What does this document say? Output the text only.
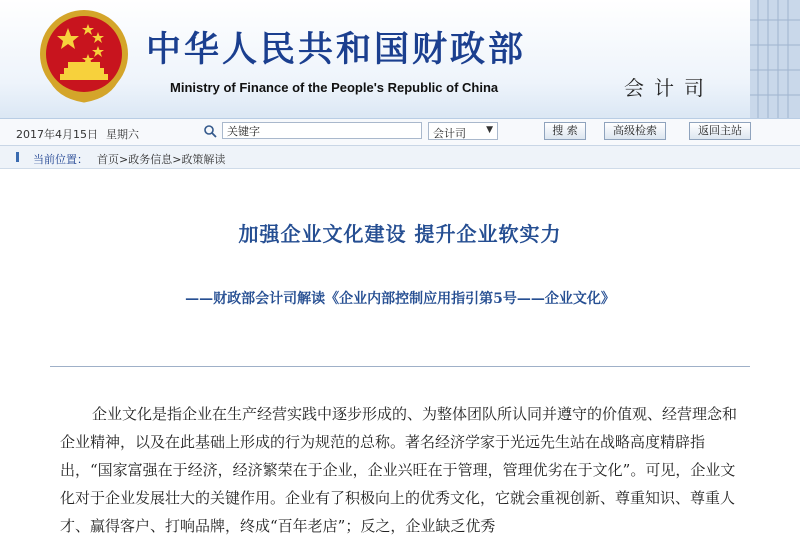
中华人民共和国财政部
Ministry of Finance of the People's Republic of China	会计司
2017年4月15日 星期六
关键字	会计司 ▼	搜 索	高级检索	返回主站
当前位置： 首页>政务信息>政策解读
加强企业文化建设 提升企业软实力
——财政部会计司解读《企业内部控制应用指引第5号——企业文化》
企业文化是指企业在生产经营实践中逐步形成的、为整体团队所认同并遵守的价值观、经营理念和企业精神，以及在此基础上形成的行为规范的总称。著名经济学家于光远先生站在战略高度精辟指出，“国家富强在于经济，经济繁荣在于企业，企业兴旺在于管理，管理优劣在于文化”。可见，企业文化对于企业发展壮大的关键作用。企业有了积极向上的优秀文化，它就会重视创新、尊重知识、尊重人才、赢得客户、打响品牌，终成“百年老店”；反之，企业缺乏优秀
